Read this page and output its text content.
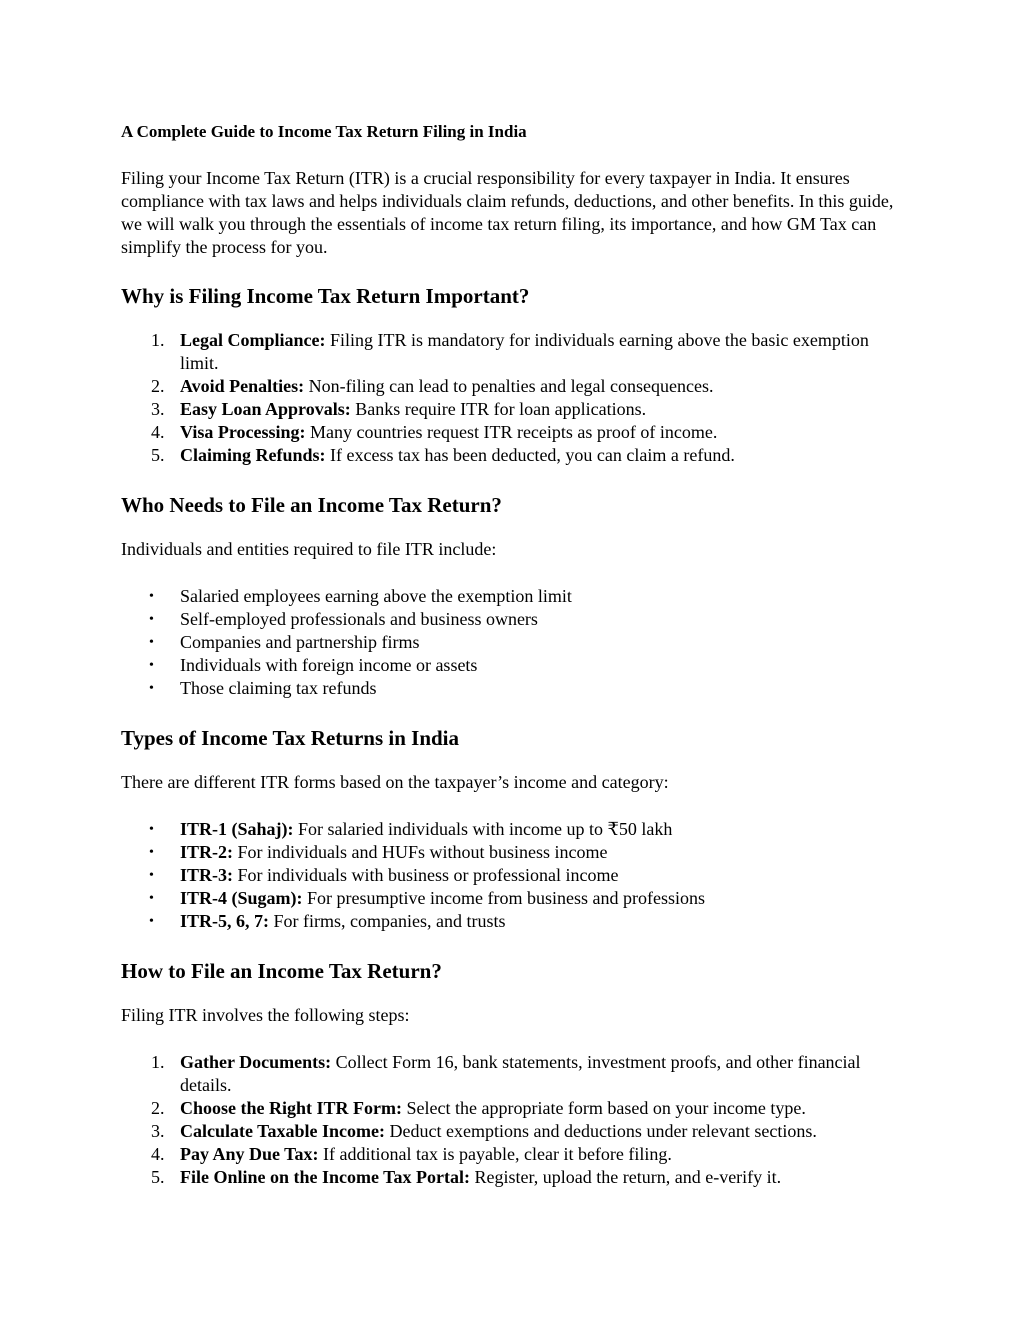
A Complete Guide to Income Tax Return Filing in India

Filing your Income Tax Return (ITR) is a crucial responsibility for every taxpayer in India. It ensures compliance with tax laws and helps individuals claim refunds, deductions, and other benefits. In this guide, we will walk you through the essentials of income tax return filing, its importance, and how GM Tax can simplify the process for you.

Why is Filing Income Tax Return Important?
1. Legal Compliance: Filing ITR is mandatory for individuals earning above the basic exemption limit.
2. Avoid Penalties: Non-filing can lead to penalties and legal consequences.
3. Easy Loan Approvals: Banks require ITR for loan applications.
4. Visa Processing: Many countries request ITR receipts as proof of income.
5. Claiming Refunds: If excess tax has been deducted, you can claim a refund.
Who Needs to File an Income Tax Return?

Individuals and entities required to file ITR include:

•	Salaried employees earning above the exemption limit
•	Self-employed professionals and business owners
•	Companies and partnership firms
•	Individuals with foreign income or assets
•	Those claiming tax refunds
Types of Income Tax Returns in India

There are different ITR forms based on the taxpayer’s income and category:

•	ITR-1 (Sahaj): For salaried individuals with income up to ₹50 lakh
•	ITR-2: For individuals and HUFs without business income
•	ITR-3: For individuals with business or professional income
•	ITR-4 (Sugam): For presumptive income from business and professions
•	ITR-5, 6, 7: For firms, companies, and trusts
How to File an Income Tax Return?

Filing ITR involves the following steps:

1. Gather Documents: Collect Form 16, bank statements, investment proofs, and other financial details.
2. Choose the Right ITR Form: Select the appropriate form based on your income type.
3. Calculate Taxable Income: Deduct exemptions and deductions under relevant sections.
4. Pay Any Due Tax: If additional tax is payable, clear it before filing.
5. File Online on the Income Tax Portal: Register, upload the return, and e-verify it.
